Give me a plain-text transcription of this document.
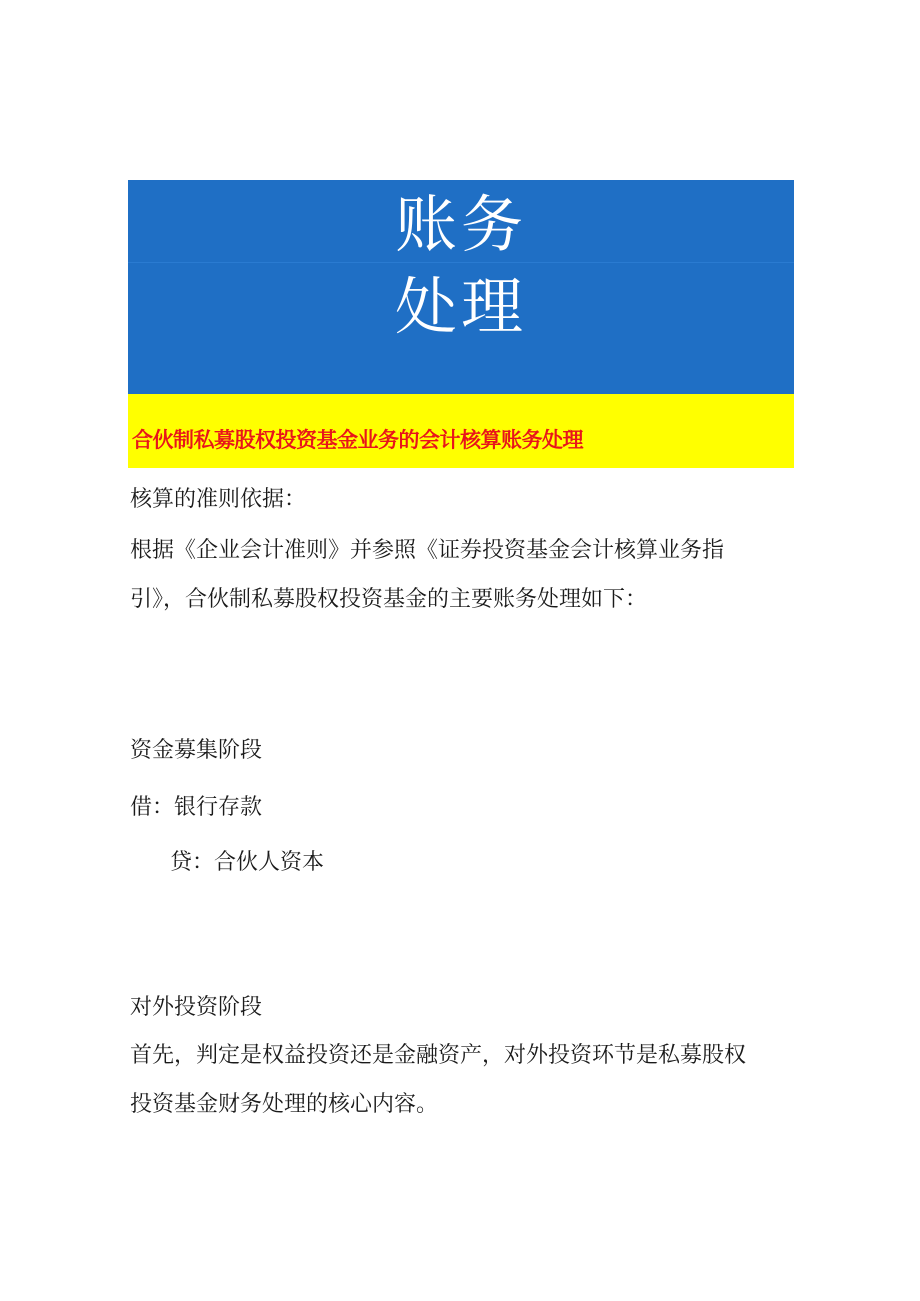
账务
处理
合伙制私募股权投资基金业务的会计核算账务处理
核算的准则依据：
根据《企业会计准则》并参照《证券投资基金会计核算业务指
引》，合伙制私募股权投资基金的主要账务处理如下：
资金募集阶段
借：银行存款
贷：合伙人资本
对外投资阶段
首先，判定是权益投资还是金融资产，对外投资环节是私募股权
投资基金财务处理的核心内容。
